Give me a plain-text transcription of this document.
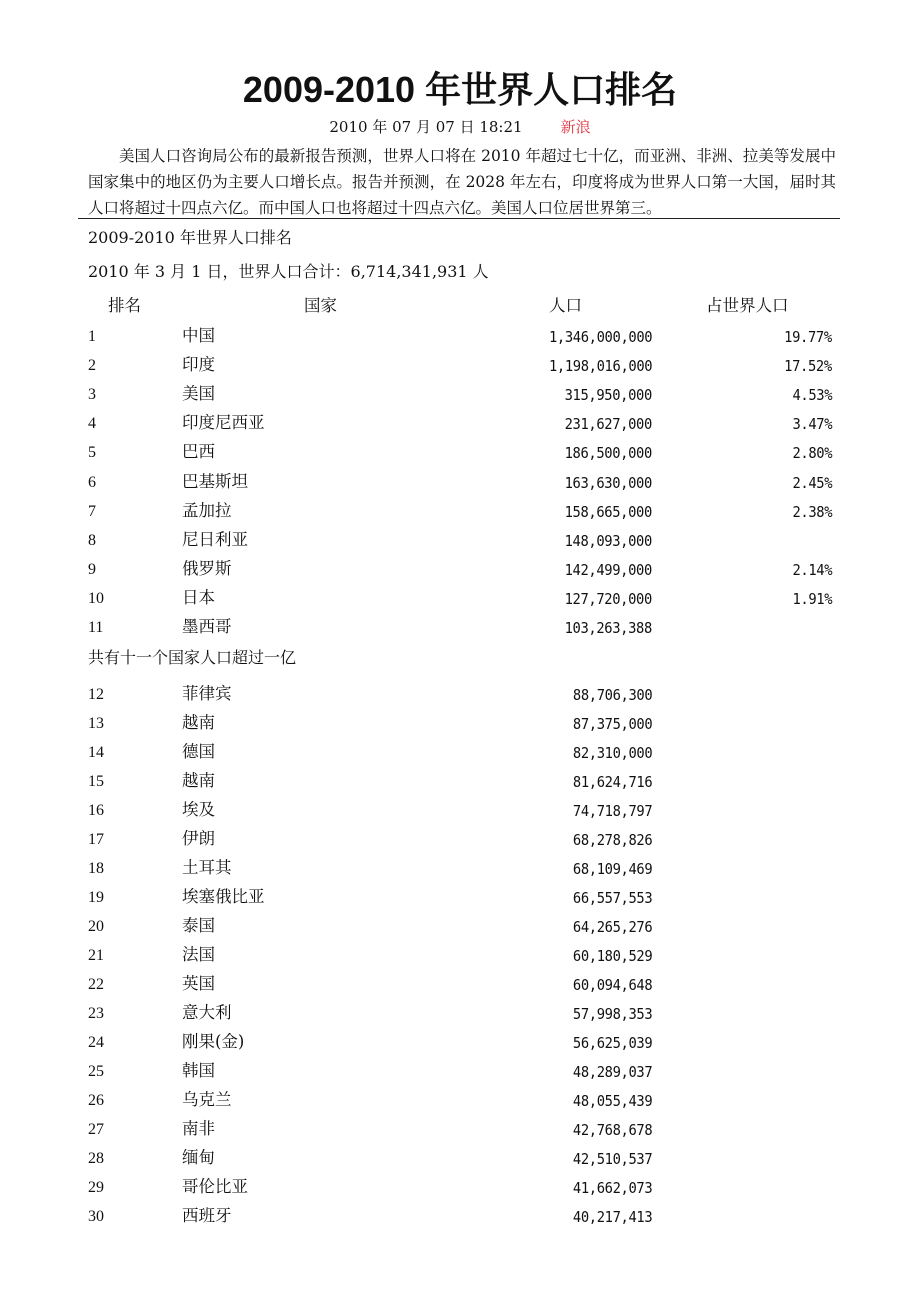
2009-2010 年世界人口排名
2010 年 07 月 07 日 18:21	新浪

美国人口咨询局公布的最新报告预测，世界人口将在 2010 年超过七十亿，而亚洲、非洲、拉美等发展中国家集中的地区仍为主要人口增长点。报告并预测，在 2028 年左右，印度将成为世界人口第一大国，届时其人口将超过十四点六亿。而中国人口也将超过十四点六亿。美国人口位居世界第三。

2009-2010 年世界人口排名
2010 年 3 月 1 日，世界人口合计：6,714,341,931 人
排名	国家	人口	占世界人口
1	中国	1,346,000,000	19.77%
2	印度	1,198,016,000	17.52%
3	美国	315,950,000	4.53%
4	印度尼西亚	231,627,000	3.47%
5	巴西	186,500,000	2.80%
6	巴基斯坦	163,630,000	2.45%
7	孟加拉	158,665,000	2.38%
8	尼日利亚	148,093,000
9	俄罗斯	142,499,000	2.14%
10	日本	127,720,000	1.91%
11	墨西哥	103,263,388
共有十一个国家人口超过一亿
12	菲律宾	88,706,300
13	越南	87,375,000
14	德国	82,310,000
15	越南	81,624,716
16	埃及	74,718,797
17	伊朗	68,278,826
18	土耳其	68,109,469
19	埃塞俄比亚	66,557,553
20	泰国	64,265,276
21	法国	60,180,529
22	英国	60,094,648
23	意大利	57,998,353
24	刚果(金)	56,625,039
25	韩国	48,289,037
26	乌克兰	48,055,439
27	南非	42,768,678
28	缅甸	42,510,537
29	哥伦比亚	41,662,073
30	西班牙	40,217,413
